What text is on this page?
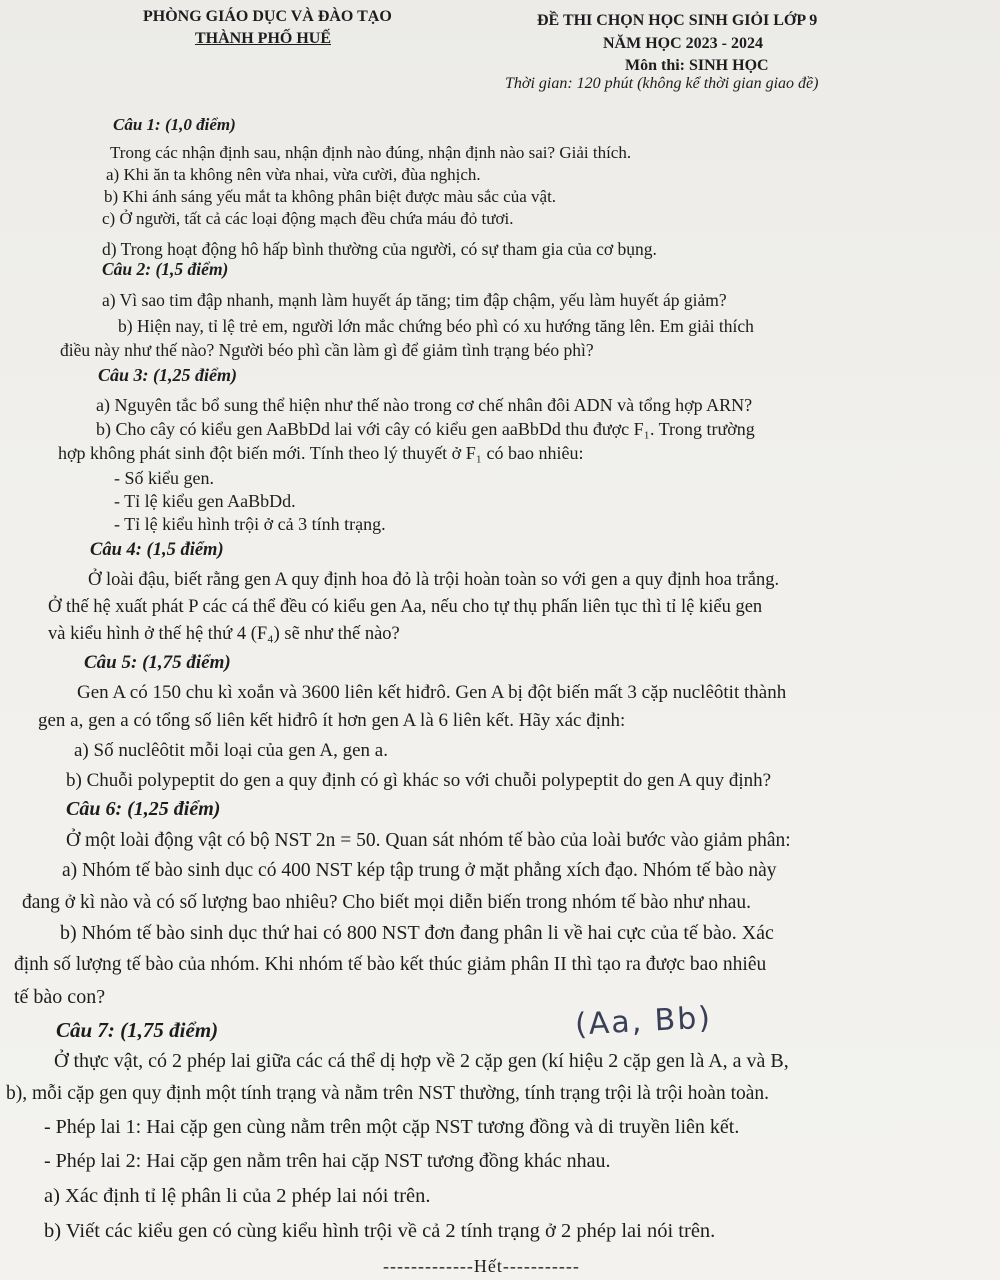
PHÒNG GIÁO DỤC VÀ ĐÀO TẠO
THÀNH PHỐ HUẾ
ĐỀ THI CHỌN HỌC SINH GIỎI LỚP 9
NĂM HỌC 2023 - 2024
Môn thi: SINH HỌC
Thời gian: 120 phút (không kể thời gian giao đề)
Câu 1: (1,0 điểm)
Trong các nhận định sau, nhận định nào đúng, nhận định nào sai? Giải thích.
a) Khi ăn ta không nên vừa nhai, vừa cười, đùa nghịch.
b) Khi ánh sáng yếu mắt ta không phân biệt được màu sắc của vật.
c) Ở người, tất cả các loại động mạch đều chứa máu đỏ tươi.
d) Trong hoạt động hô hấp bình thường của người, có sự tham gia của cơ bụng.
Câu 2: (1,5 điểm)
a) Vì sao tim đập nhanh, mạnh làm huyết áp tăng; tim đập chậm, yếu làm huyết áp giảm?
b) Hiện nay, tỉ lệ trẻ em, người lớn mắc chứng béo phì có xu hướng tăng lên. Em giải thích
điều này như thế nào? Người béo phì cần làm gì để giảm tình trạng béo phì?
Câu 3: (1,25 điểm)
a) Nguyên tắc bổ sung thể hiện như thế nào trong cơ chế nhân đôi ADN và tổng hợp ARN?
b) Cho cây có kiểu gen AaBbDd lai với cây có kiểu gen aaBbDd thu được F₁. Trong trường
hợp không phát sinh đột biến mới. Tính theo lý thuyết ở F₁ có bao nhiêu:
- Số kiểu gen.
- Tỉ lệ kiểu gen AaBbDd.
- Tỉ lệ kiểu hình trội ở cả 3 tính trạng.
Câu 4: (1,5 điểm)
Ở loài đậu, biết rằng gen A quy định hoa đỏ là trội hoàn toàn so với gen a quy định hoa trắng.
Ở thế hệ xuất phát P các cá thể đều có kiểu gen Aa, nếu cho tự thụ phấn liên tục thì tỉ lệ kiểu gen
và kiểu hình ở thế hệ thứ 4 (F₄) sẽ như thế nào?
Câu 5: (1,75 điểm)
Gen A có 150 chu kì xoắn và 3600 liên kết hiđrô. Gen A bị đột biến mất 3 cặp nuclêôtit thành
gen a, gen a có tổng số liên kết hiđrô ít hơn gen A là 6 liên kết. Hãy xác định:
a) Số nuclêôtit mỗi loại của gen A, gen a.
b) Chuỗi polypeptit do gen a quy định có gì khác so với chuỗi polypeptit do gen A quy định?
Câu 6: (1,25 điểm)
Ở một loài động vật có bộ NST 2n = 50. Quan sát nhóm tế bào của loài bước vào giảm phân:
a) Nhóm tế bào sinh dục có 400 NST kép tập trung ở mặt phẳng xích đạo. Nhóm tế bào này
đang ở kì nào và có số lượng bao nhiêu? Cho biết mọi diễn biến trong nhóm tế bào như nhau.
b) Nhóm tế bào sinh dục thứ hai có 800 NST đơn đang phân li về hai cực của tế bào. Xác
định số lượng tế bào của nhóm. Khi nhóm tế bào kết thúc giảm phân II thì tạo ra được bao nhiêu
tế bào con?
Câu 7: (1,75 điểm)	(Aa, Bb)
Ở thực vật, có 2 phép lai giữa các cá thể dị hợp về 2 cặp gen (kí hiệu 2 cặp gen là A, a và B,
b), mỗi cặp gen quy định một tính trạng và nằm trên NST thường, tính trạng trội là trội hoàn toàn.
- Phép lai 1: Hai cặp gen cùng nằm trên một cặp NST tương đồng và di truyền liên kết.
- Phép lai 2: Hai cặp gen nằm trên hai cặp NST tương đồng khác nhau.
a) Xác định tỉ lệ phân li của 2 phép lai nói trên.
b) Viết các kiểu gen có cùng kiểu hình trội về cả 2 tính trạng ở 2 phép lai nói trên.
-------------Hết-----------
